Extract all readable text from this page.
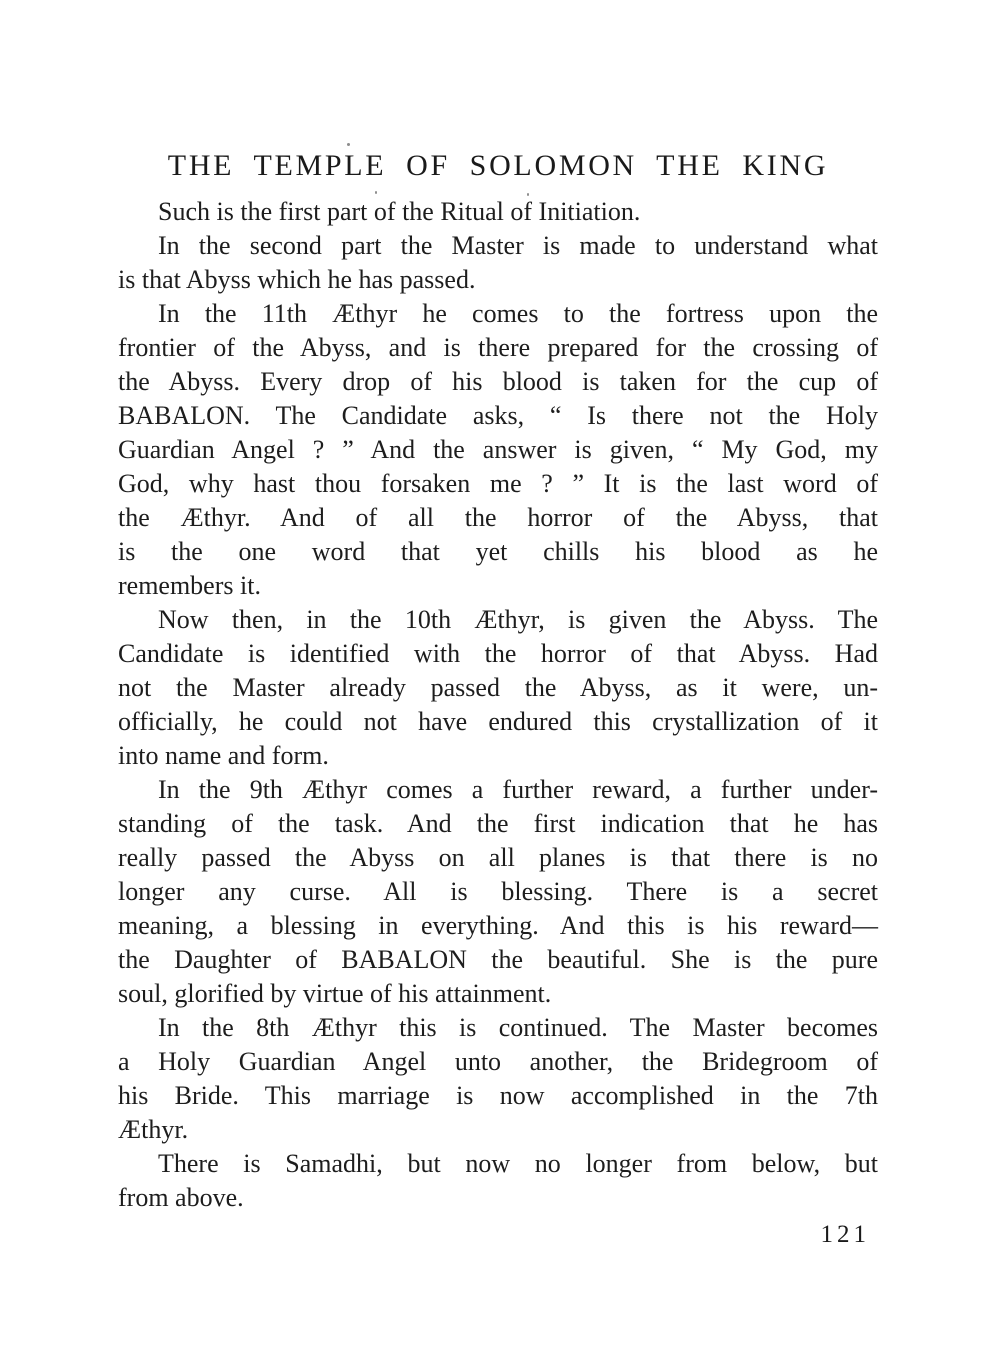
THE TEMPLE OF SOLOMON THE KING
Such is the first part of the Ritual of Initiation.
In the second part the Master is made to understand what
is that Abyss which he has passed.
In the 11th Æthyr he comes to the fortress upon the
frontier of the Abyss, and is there prepared for the crossing of
the Abyss. Every drop of his blood is taken for the cup of
BABALON. The Candidate asks, “ Is there not the Holy
Guardian Angel ? ” And the answer is given, “ My God, my
God, why hast thou forsaken me ? ” It is the last word of
the Æthyr. And of all the horror of the Abyss, that
is the one word that yet chills his blood as he
remembers it.
Now then, in the 10th Æthyr, is given the Abyss. The
Candidate is identified with the horror of that Abyss. Had
not the Master already passed the Abyss, as it were, un-
officially, he could not have endured this crystallization of it
into name and form.
In the 9th Æthyr comes a further reward, a further under-
standing of the task. And the first indication that he has
really passed the Abyss on all planes is that there is no
longer any curse. All is blessing. There is a secret
meaning, a blessing in everything. And this is his reward—
the Daughter of BABALON the beautiful. She is the pure
soul, glorified by virtue of his attainment.
In the 8th Æthyr this is continued. The Master becomes
a Holy Guardian Angel unto another, the Bridegroom of
his Bride. This marriage is now accomplished in the 7th
Æthyr.
There is Samadhi, but now no longer from below, but
from above.
121
